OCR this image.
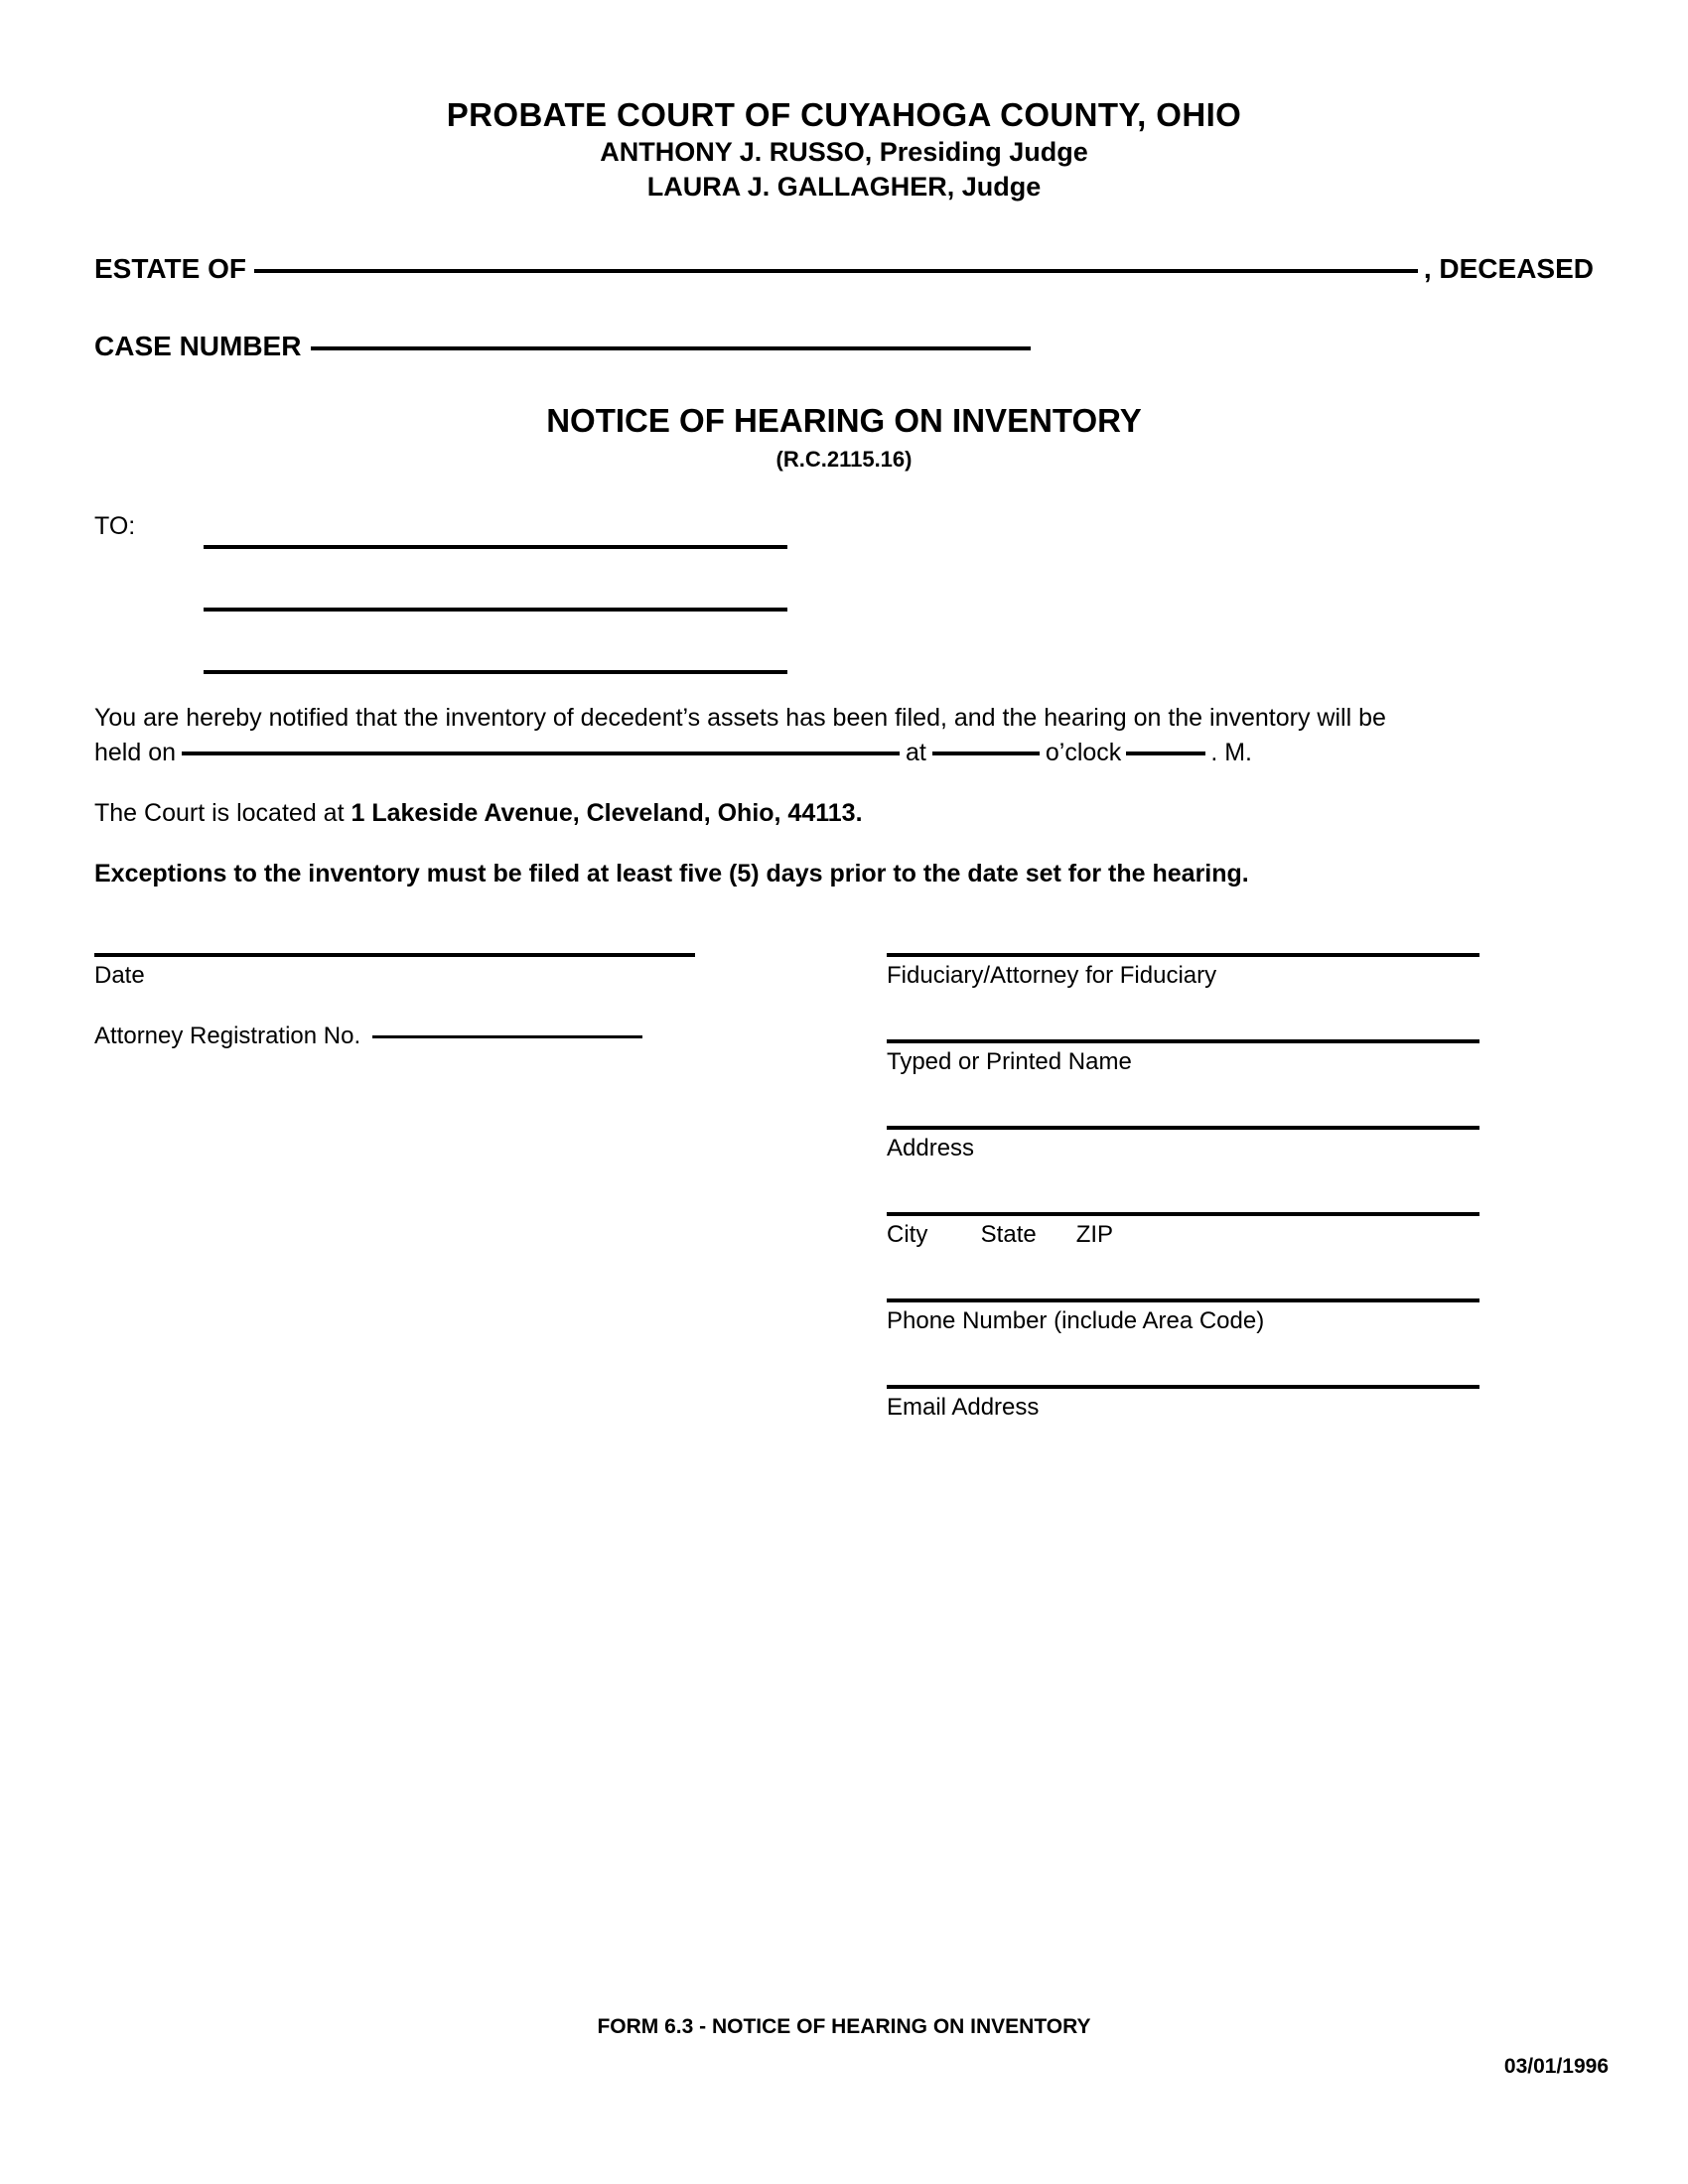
PROBATE COURT OF CUYAHOGA COUNTY, OHIO
ANTHONY J. RUSSO, Presiding Judge
LAURA J. GALLAGHER, Judge
ESTATE OF	, DECEASED
CASE NUMBER
NOTICE OF HEARING ON INVENTORY
(R.C.2115.16)
TO:
You are hereby notified that the inventory of decedent’s assets has been filed, and the hearing on the inventory will be
held on	at	o’clock	. M.
The Court is located at 1 Lakeside Avenue, Cleveland, Ohio, 44113.
Exceptions to the inventory must be filed at least five (5) days prior to the date set for the hearing.
Date
Attorney Registration No.
Fiduciary/Attorney for Fiduciary
Typed or Printed Name
Address
City        State      ZIP
Phone Number (include Area Code)
Email Address
FORM 6.3 - NOTICE OF HEARING ON INVENTORY
03/01/1996
